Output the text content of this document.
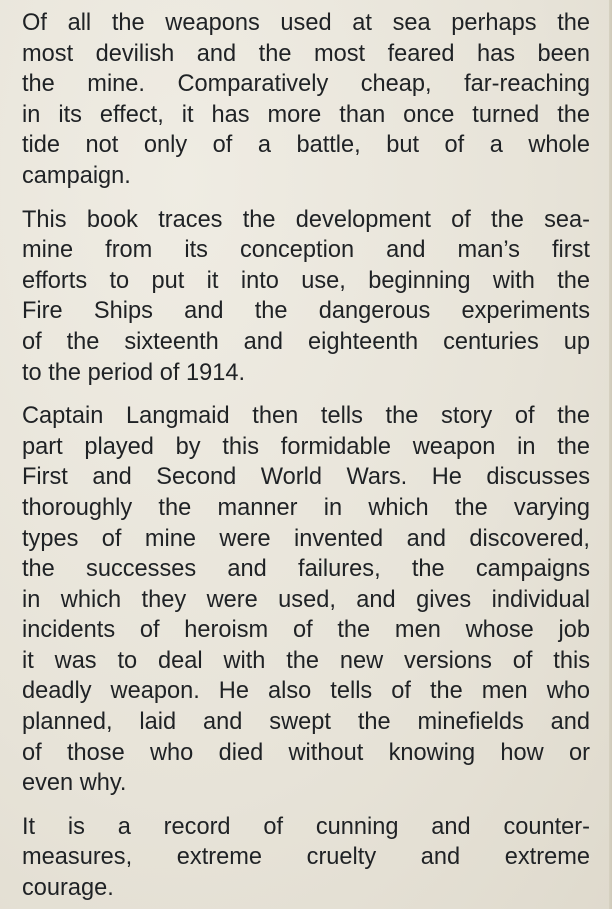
Of all the weapons used at sea perhaps the
most devilish and the most feared has been
the mine. Comparatively cheap, far-reaching
in its effect, it has more than once turned the
tide not only of a battle, but of a whole
campaign.

This book traces the development of the sea-
mine from its conception and man’s first
efforts to put it into use, beginning with the
Fire Ships and the dangerous experiments
of the sixteenth and eighteenth centuries up
to the period of 1914.

Captain Langmaid then tells the story of the
part played by this formidable weapon in the
First and Second World Wars. He discusses
thoroughly the manner in which the varying
types of mine were invented and discovered,
the successes and failures, the campaigns
in which they were used, and gives individual
incidents of heroism of the men whose job
it was to deal with the new versions of this
deadly weapon. He also tells of the men who
planned, laid and swept the minefields and
of those who died without knowing how or
even why.

It is a record of cunning and counter-
measures, extreme cruelty and extreme
courage.
